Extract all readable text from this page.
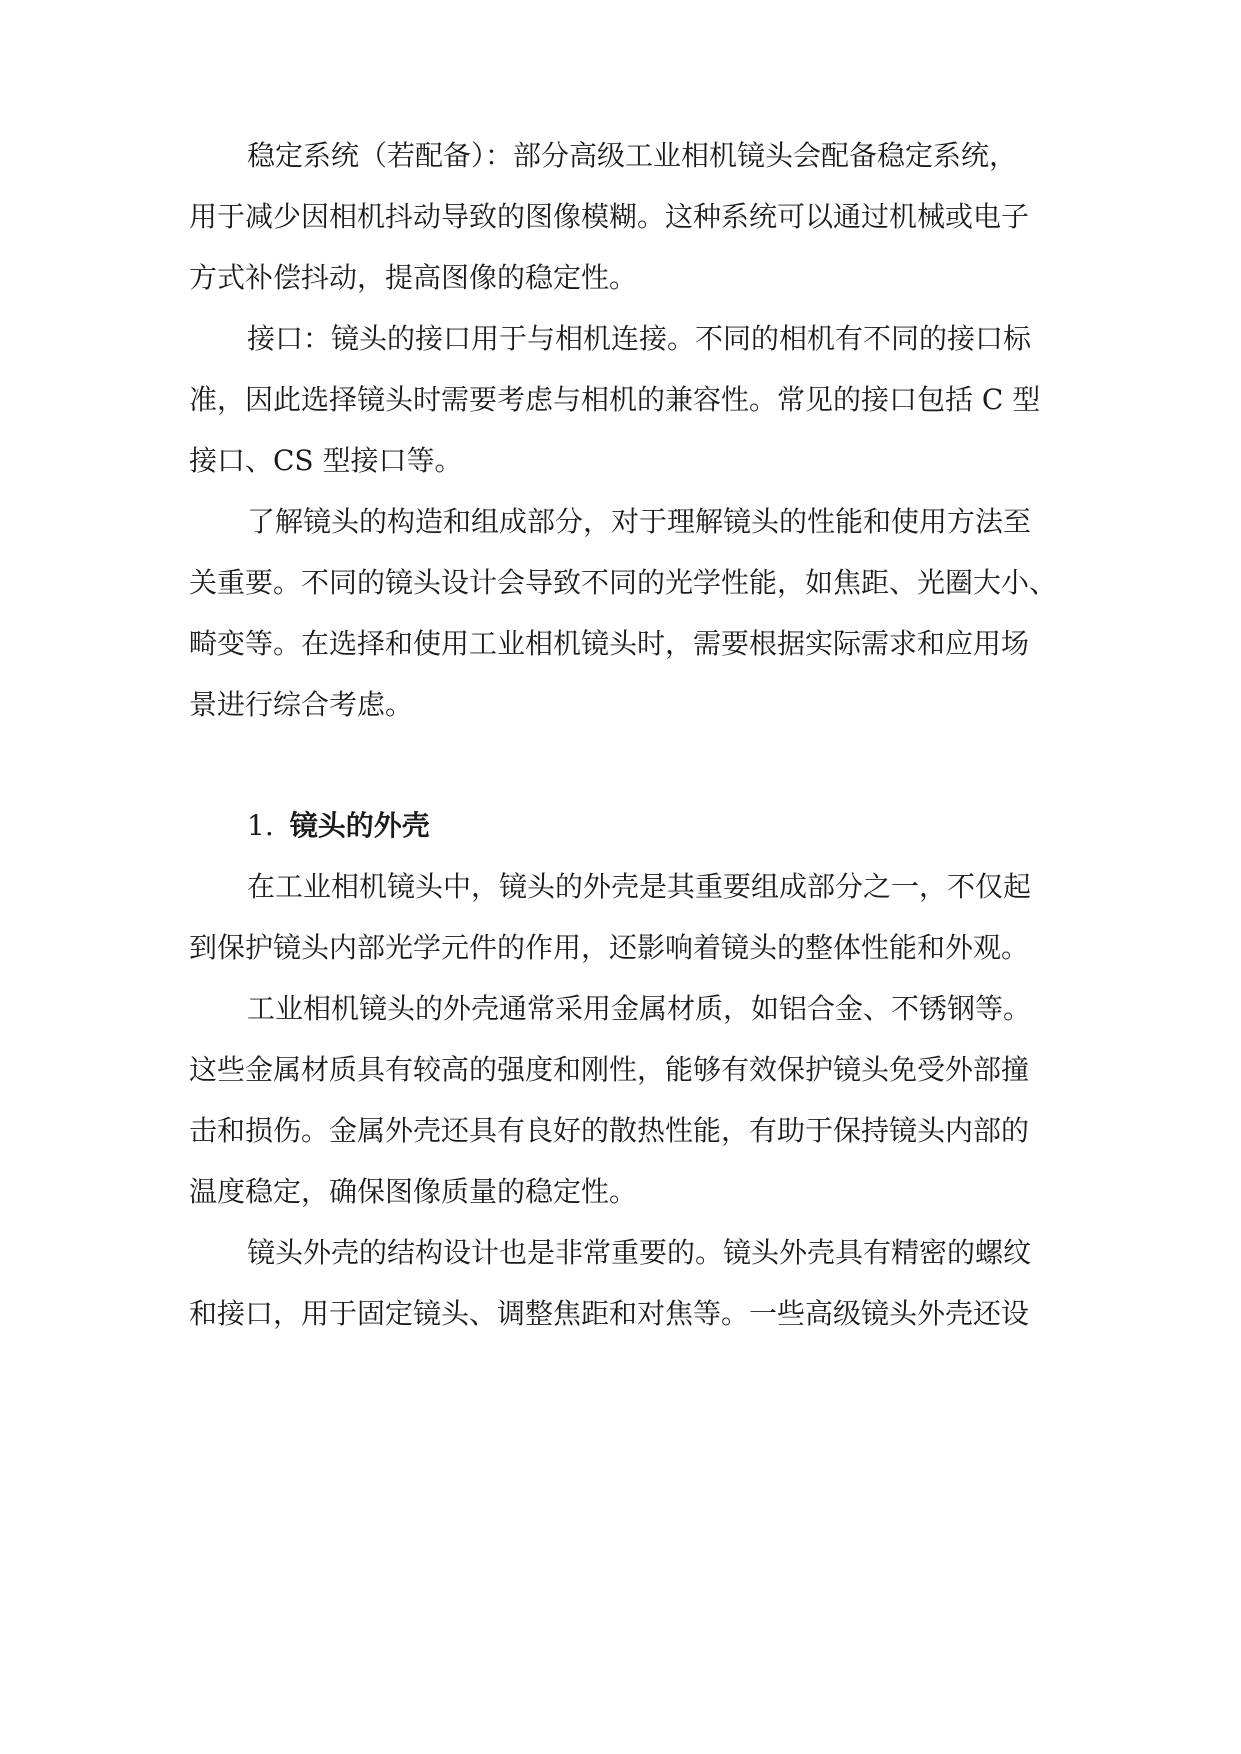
稳定系统（若配备）：部分高级工业相机镜头会配备稳定系统，
用于减少因相机抖动导致的图像模糊。这种系统可以通过机械或电子
方式补偿抖动，提高图像的稳定性。
接口：镜头的接口用于与相机连接。不同的相机有不同的接口标
准，因此选择镜头时需要考虑与相机的兼容性。常见的接口包括 C 型
接口、CS 型接口等。
了解镜头的构造和组成部分，对于理解镜头的性能和使用方法至
关重要。不同的镜头设计会导致不同的光学性能，如焦距、光圈大小、
畸变等。在选择和使用工业相机镜头时，需要根据实际需求和应用场
景进行综合考虑。
1. 镜头的外壳
在工业相机镜头中，镜头的外壳是其重要组成部分之一，不仅起
到保护镜头内部光学元件的作用，还影响着镜头的整体性能和外观。
工业相机镜头的外壳通常采用金属材质，如铝合金、不锈钢等。
这些金属材质具有较高的强度和刚性，能够有效保护镜头免受外部撞
击和损伤。金属外壳还具有良好的散热性能，有助于保持镜头内部的
温度稳定，确保图像质量的稳定性。
镜头外壳的结构设计也是非常重要的。镜头外壳具有精密的螺纹
和接口，用于固定镜头、调整焦距和对焦等。一些高级镜头外壳还设
